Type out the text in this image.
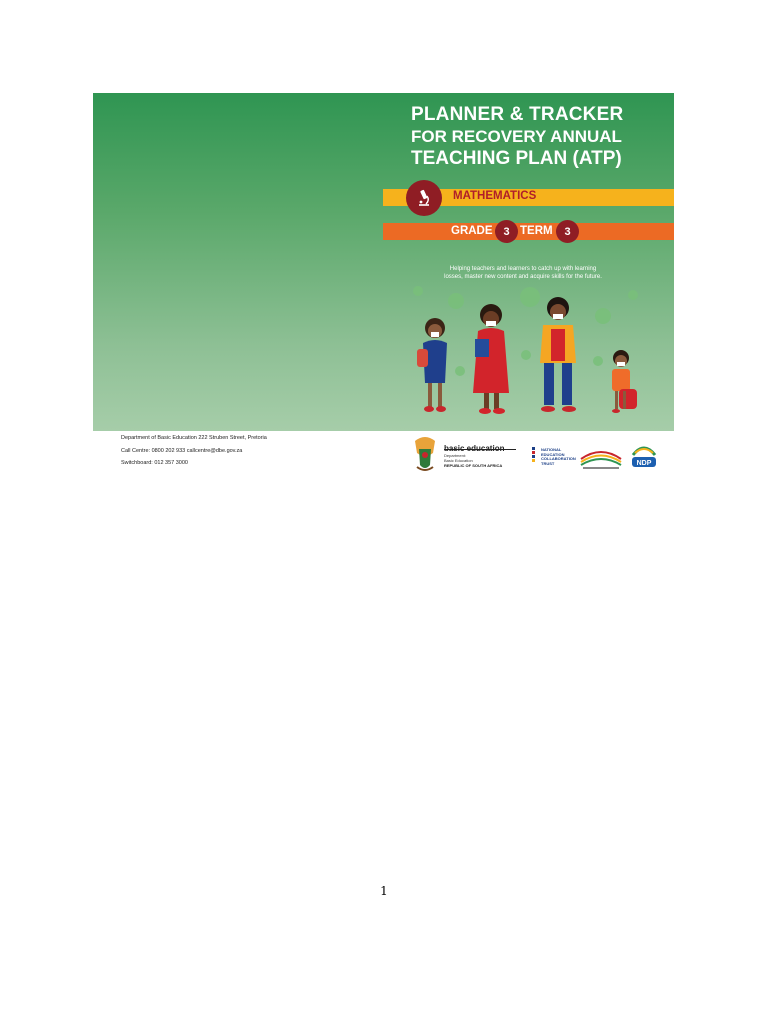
PLANNER & TRACKER
FOR RECOVERY ANNUAL
TEACHING PLAN (ATP)
MATHEMATICS
GRADE TERM
3	3
Helping teachers and learners to catch up with learning
losses, master new content and acquire skills for the future.
Department of Basic Education 222 Struben Street, Pretoria
Call Centre: 0800 202 933 callcentre@dbe.gov.za
Switchboard: 012 357 3000	NDP
basic education
Department:
Basic Education
REPUBLIC OF SOUTH AFRICA
NATIONAL
EDUCATION
COLLABORATION
TRUST
1
